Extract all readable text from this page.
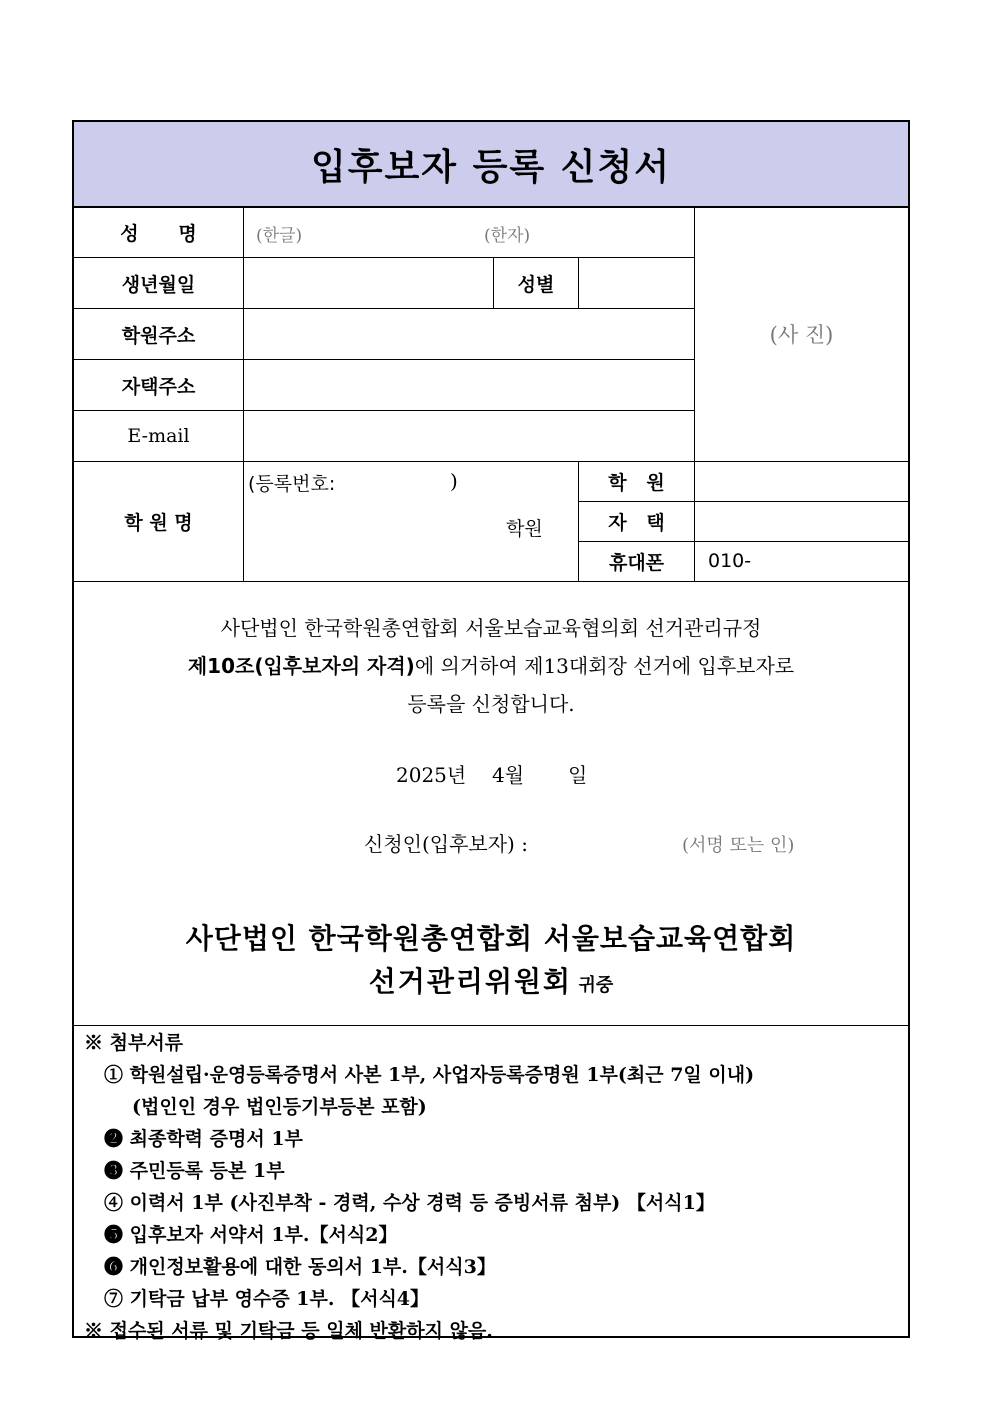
입후보자 등록 신청서
성      명	(한글)	(한자)
생년월일	성별
학원주소
자택주소
E-mail
(사 진)
학 원 명
(등록번호:	)
학원
학   원
자   택
휴대폰	010-
사단법인 한국학원총연합회 서울보습교육협의회 선거관리규정
제10조(입후보자의 자격)에 의거하여 제13대회장 선거에 입후보자로
등록을 신청합니다.
2025년 4월 일
신청인(입후보자) :	(서명 또는 인)
사단법인 한국학원총연합회 서울보습교육연합회
선거관리위원회 귀중
※ 첨부서류
① 학원설립·운영등록증명서 사본 1부, 사업자등록증명원 1부(최근 7일 이내)
(법인인 경우 법인등기부등본 포함)
➋ 최종학력 증명서 1부
➌ 주민등록 등본 1부
④ 이력서 1부 (사진부착 - 경력, 수상 경력 등 증빙서류 첨부) 【서식1】
➎ 입후보자 서약서 1부.【서식2】
➏ 개인정보활용에 대한 동의서 1부.【서식3】
⑦ 기탁금 납부 영수증 1부. 【서식4】
※ 접수된 서류 및 기탁금 등 일체 반환하지 않음.
